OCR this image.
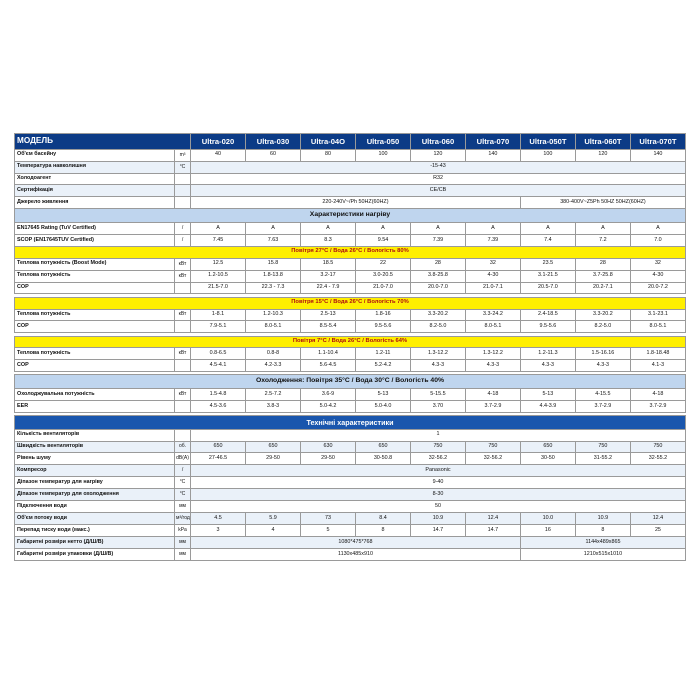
МОДЕЛЬ		Ultra-020	Ultra-030	Ultra-04O	Ultra-050	Ultra-060	Ultra-070	Ultra-050T	Ultra-060T	Ultra-070T
Об'єм басейну	m³	40	60	80	100	120	140	100	120	140
Температура навколишня	°C	-15-43								
Холодоагент		R32								
Сертифікація		CE/CB								
Джерело живлення		220-240V~/Ph 50HZ(60HZ)						380-400V~Z5Ph 50HZ 50HZ(60HZ)		
Характеристики нагріву										
EN17645 Rating (TuV Certified)	/	A	A	A	A	A	A	A	A	A
SCOP (EN17645TUV Certified)	/	7.45	7.63	8.3	9.54	7.39	7.39	7.4	7.2	7.0
Повітря 27°C / Вода 26°C / Вологість 80%										
Теплова потужність (Boost Mode)	кВт	12.5	15.8	18.5	22	28	32	23.5	28	32
Теплова потужність	кВт	1.2-10.5	1.8-13.8	3.2-17	3.0-20.5	3.8-25.8	4-30	3.1-21.5	3.7-25.8	4-30
COP		21.5-7.0	22.3 - 7.3	22.4 - 7.9	21.0-7.0	20.0-7.0	21.0-7.1	20.5-7.0	20.2-7.1	20.0-7.2

Повітря 15°C / Вода 26°C / Вологість 70%										
Теплова потужність	кВт	1-8.1	1.2-10.3	2.5-13	1.8-16	3.3-20.2	3.3-24.2	2.4-18.5	3.3-20.2	3.1-23.1
COP		7.9-5.1	8.0-5.1	8.5-5.4	9.5-5.6	8.2-5.0	8.0-5.1	9.5-5.6	8.2-5.0	8.0-5.1

Повітря 7°C / Вода 26°C / Вологість 64%										
Теплова потужність	кВт	0.8-6.5	0.8-8	1.1-10.4	1.2-11	1.3-12.2	1.3-12.2	1.2-11.3	1.5-16.16	1.8-18.48
COP		4.5-4.1	4.2-3.3	5.6-4.5	5.2-4.2	4.3-3	4.3-3	4.3-3	4.3-3	4.1-3

Охолодження: Повітря 35°C / Вода 30°C / Вологість 40%										
Охолоджувальна потужність	кВт	1.5-4.8	2.5-7.2	3.6-9	5-13	5-15.5	4-18	5-13	4-15.5	4-18
EER		4.5-3.6	3.8-3	5.0-4.2	5.0-4.0	3.70	3.7-2.9	4.4-3.9	3.7-2.9	3.7-2.9

Технічні характеристики										
Кількість вентиляторів		1								
Швидкість вентиляторів	об.	650	650	630	650	750	750	650	750	750
Рівень шуму	dB(A)	27-46.5	29-50	29-50	30-50.8	32-56.2	32-56.2	30-50	31-55.2	32-55.2
Компресор	/	Panasonic								
Діпазон температур для нагріву	°C	9-40								
Діпазон температур для охолодження	°C	8-30								
Підключення води	мм	50								
Об'єм потоку води	м³/год	4.5	5.9	73	8.4	10.9	12.4	10.0	10.9	12.4
Перепад тиску води (макс.)	kPa	3	4	5	8	14.7	14.7	16	8	25
Габаритні розміри нетто (Д/Ш/В)	мм	1080*475*768						1144x489x865		
Габаритні розміри упаковки (Д/Ш/В)	мм	1130x485x910						1210x515x1010		
